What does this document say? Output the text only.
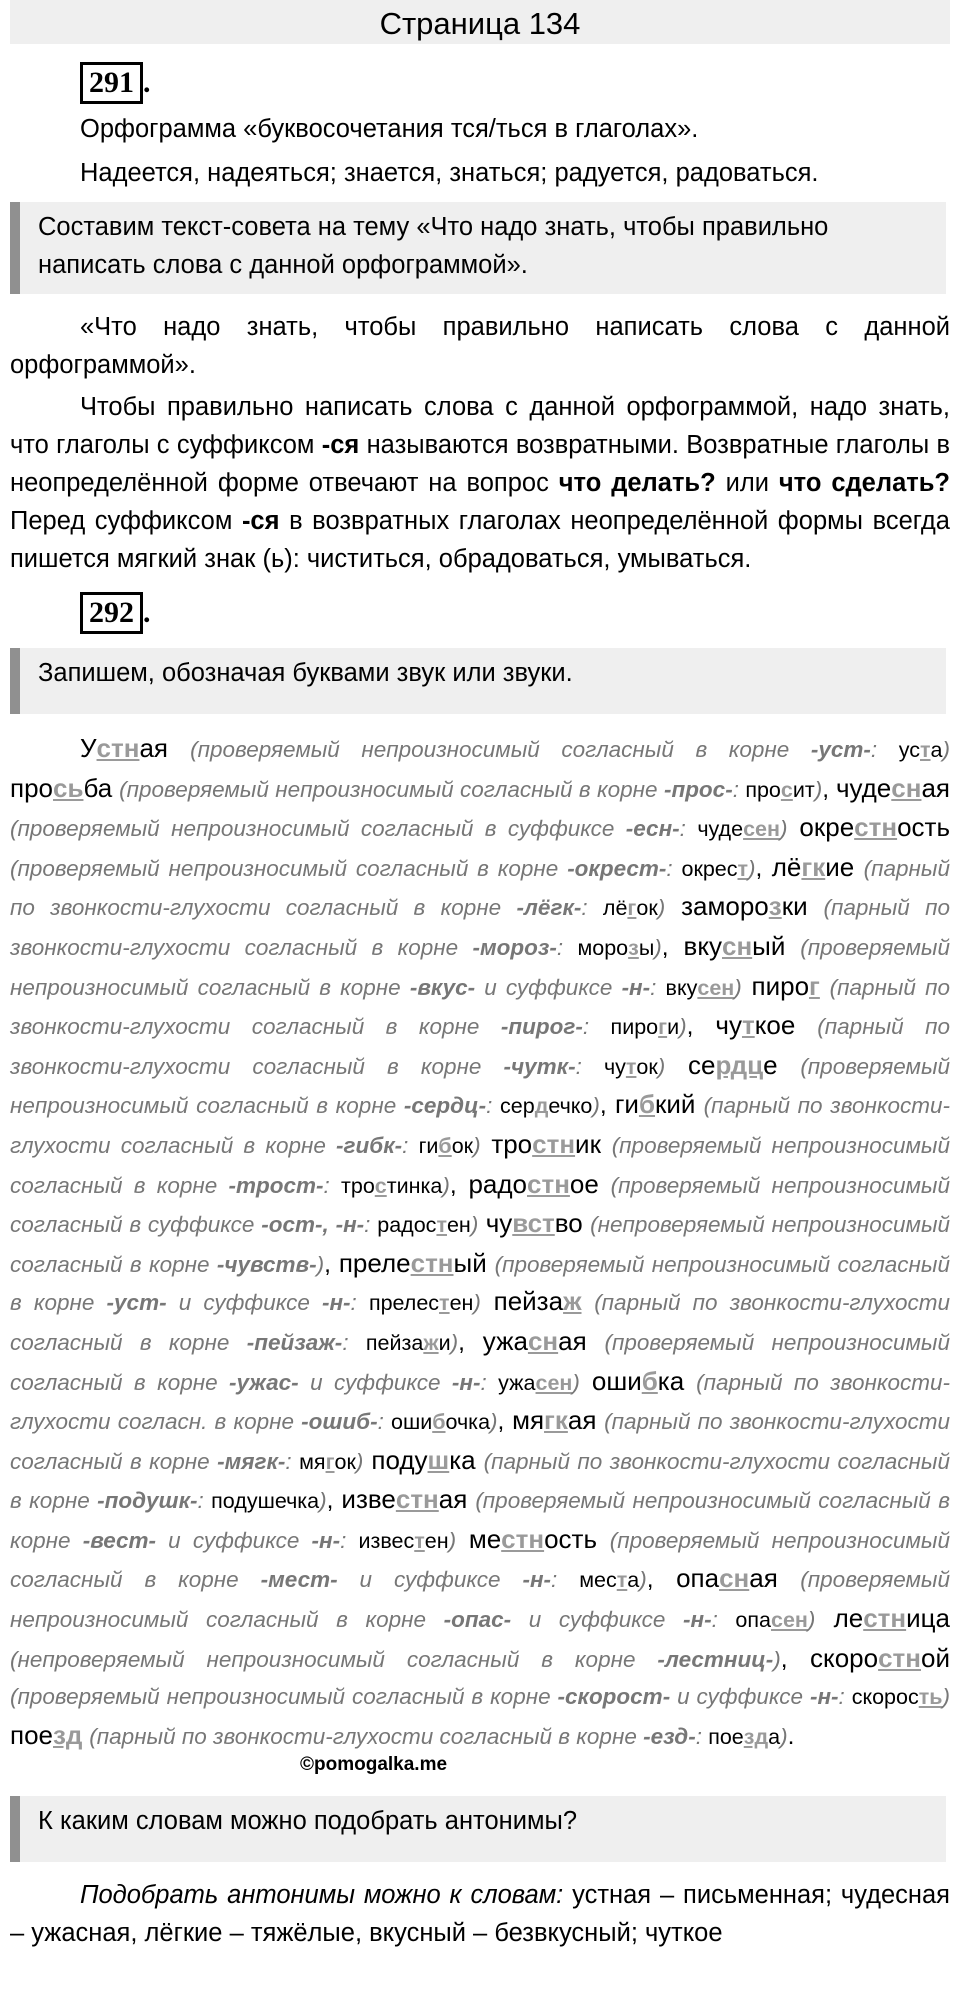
Страница 134
291 .

Орфограмма «буквосочетания тся/ться в глаголах».

Надеется, надеяться; знается, знаться; радуется, радоваться.

Составим текст-совета на тему «Что надо знать, чтобы правильно написать слова с данной орфограммой».

«Что надо знать, чтобы правильно написать слова с данной орфограммой».

Чтобы правильно написать слова с данной орфограммой, надо знать, что глаголы с суффиксом -ся называются возвратными. Возвратные глаголы в неопределённой форме отвечают на вопрос что делать? или что сделать? Перед суффиксом -ся в возвратных глаголах неопределённой формы всегда пишется мягкий знак (ь): чиститься, обрадоваться, умываться.

292 .
Запишем, обозначая буквами звук или звуки.

Устная (проверяемый непроизносимый согласный в корне -уст-: уста) просьба (проверяемый непроизносимый согласный в корне -прос-: просит), чудесная (проверяемый непроизносимый согласный в суффиксе -есн-: чудесен) окрестность (проверяемый непроизносимый согласный в корне -окрест-: окрест), лёгкие (парный по звонкости-глухости согласный в корне -лёгк-: лёгок) заморозки (парный по звонкости-глухости согласный в корне -мороз-: морозы), вкусный (проверяемый непроизносимый согласный в корне -вкус- и суффиксе -н-: вкусен) пирог (парный по звонкости-глухости согласный в корне -пирог-: пироги), чуткое (парный по звонкости-глухости согласный в корне -чутк-: чуток) сердце (проверяемый непроизносимый согласный в корне -сердц-: сердечко), гибкий (парный по звонкости-глухости согласный в корне -гибк-: гибок) тростник (проверяемый непроизносимый согласный в корне -трост-: тростинка), радостное (проверяемый непроизносимый согласный в суффиксе -ост-, -н-: радостен) чувство (непроверяемый непроизносимый согласный в корне -чувств-), прелестный (проверяемый непроизносимый согласный в корне -уст- и суффиксе -н-: прелестен) пейзаж (парный по звонкости-глухости согласный в корне -пейзаж-: пейзажи), ужасная (проверяемый непроизносимый согласный в корне -ужас- и суффиксе -н-: ужасен) ошибка (парный по звонкости-глухости согласн. в корне -ошиб-: ошибочка), мягкая (парный по звонкости-глухости согласный в корне -мягк-: мягок) подушка (парный по звонкости-глухости согласный в корне -подушк-: подушечка), известная (проверяемый непроизносимый согласный в корне -вест- и суффиксе -н-: известен) местность (проверяемый непроизносимый согласный в корне -мест- и суффиксе -н-: места), опасная (проверяемый непроизносимый согласный в корне -опас- и суффиксе -н-: опасен) лестница (непроверяемый непроизносимый согласный в корне -лестниц-), скоростной (проверяемый непроизносимый согласный в корне -скорост- и суффиксе -н-: скорость) поезд (парный по звонкости-глухости согласный в корне -езд-: поезда).

©pomogalka.me
К каким словам можно подобрать антонимы?

Подобрать антонимы можно к словам: устная – письменная; чудесная – ужасная, лёгкие – тяжёлые, вкусный – безвкусный; чуткое
